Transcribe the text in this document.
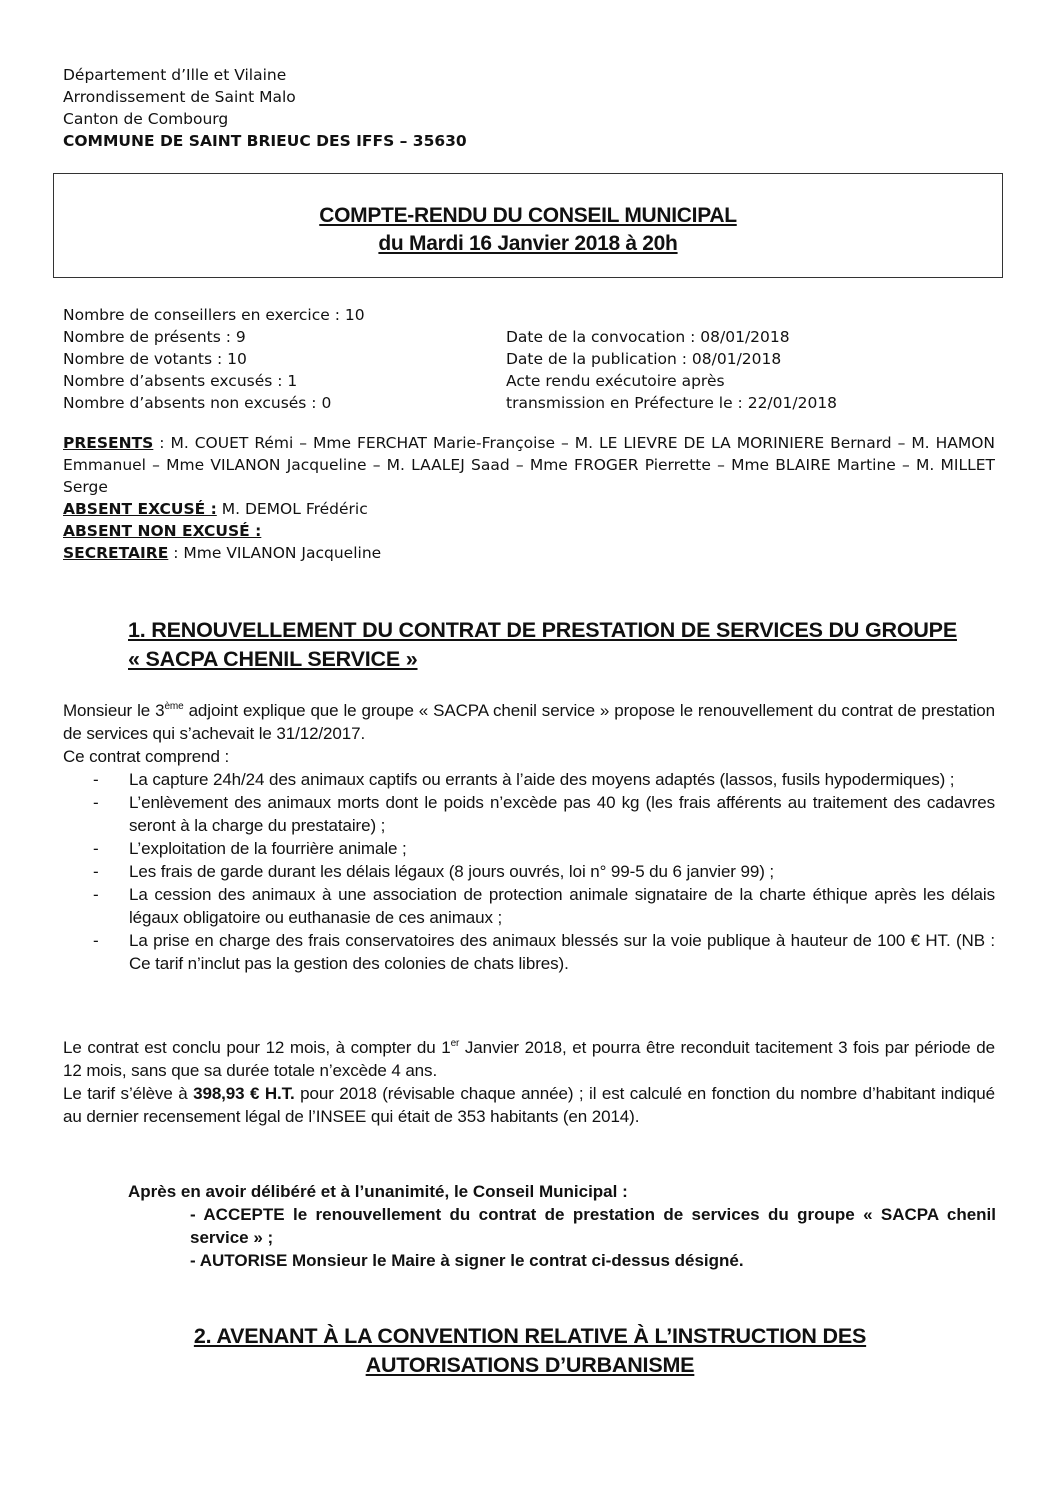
Département d’Ille et Vilaine
Arrondissement de Saint Malo
Canton de Combourg
COMMUNE DE SAINT BRIEUC DES IFFS – 35630
COMPTE-RENDU DU CONSEIL MUNICIPAL
du Mardi 16 Janvier 2018 à 20h
Nombre de conseillers en exercice : 10
Nombre de présents : 9
Nombre de votants : 10
Nombre d’absents excusés : 1
Nombre d’absents non excusés : 0
Date de la convocation : 08/01/2018
Date de la publication : 08/01/2018
Acte rendu exécutoire après
transmission en Préfecture le : 22/01/2018
PRESENTS : M. COUET Rémi – Mme FERCHAT Marie-Françoise – M. LE LIEVRE DE LA MORINIERE Bernard – M. HAMON Emmanuel – Mme VILANON Jacqueline – M. LAALEJ Saad – Mme FROGER Pierrette – Mme BLAIRE Martine – M. MILLET Serge
ABSENT EXCUSÉ : M. DEMOL Frédéric
ABSENT NON EXCUSÉ :
SECRETAIRE : Mme VILANON Jacqueline
1. RENOUVELLEMENT DU CONTRAT DE PRESTATION DE SERVICES DU GROUPE
« SACPA CHENIL SERVICE »
Monsieur le 3ème adjoint explique que le groupe « SACPA chenil service » propose le renouvellement du contrat de prestation de services qui s’achevait le 31/12/2017.
Ce contrat comprend :
- La capture 24h/24 des animaux captifs ou errants à l’aide des moyens adaptés (lassos, fusils hypodermiques) ;
- L’enlèvement des animaux morts dont le poids n’excède pas 40 kg (les frais afférents au traitement des cadavres seront à la charge du prestataire) ;
- L’exploitation de la fourrière animale ;
- Les frais de garde durant les délais légaux (8 jours ouvrés, loi n° 99-5 du 6 janvier 99) ;
- La cession des animaux à une association de protection animale signataire de la charte éthique après les délais légaux obligatoire ou euthanasie de ces animaux ;
- La prise en charge des frais conservatoires des animaux blessés sur la voie publique à hauteur de 100 € HT. (NB : Ce tarif n’inclut pas la gestion des colonies de chats libres).
Le contrat est conclu pour 12 mois, à compter du 1er Janvier 2018, et pourra être reconduit tacitement 3 fois par période de 12 mois, sans que sa durée totale n’excède 4 ans.
Le tarif s’élève à 398,93 € H.T. pour 2018 (révisable chaque année) ; il est calculé en fonction du nombre d’habitant indiqué au dernier recensement légal de l’INSEE qui était de 353 habitants (en 2014).
Après en avoir délibéré et à l’unanimité, le Conseil Municipal :
- ACCEPTE le renouvellement du contrat de prestation de services du groupe « SACPA chenil service » ;
- AUTORISE Monsieur le Maire à signer le contrat ci-dessus désigné.
2. AVENANT À LA CONVENTION RELATIVE À L’INSTRUCTION DES
AUTORISATIONS D’URBANISME
